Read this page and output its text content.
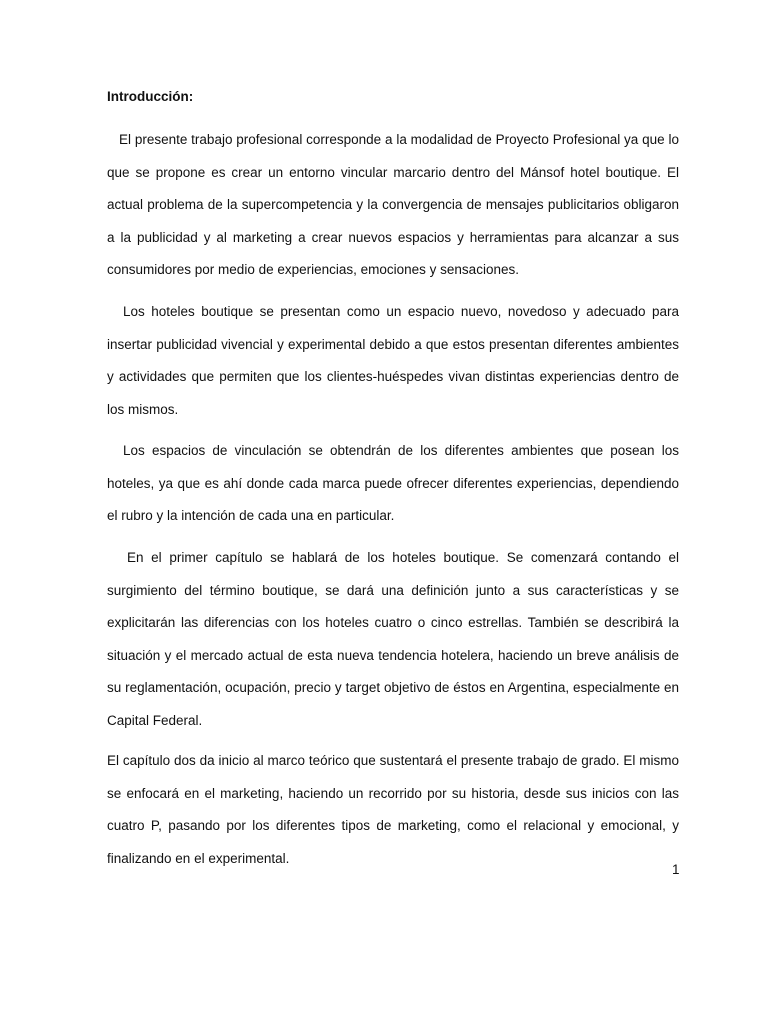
Introducción:

El presente trabajo profesional corresponde a la modalidad de Proyecto Profesional ya que lo que se propone es crear un entorno vincular marcario dentro del Mánsof hotel boutique. El actual problema de la supercompetencia y la convergencia de mensajes publicitarios obligaron a la publicidad y al marketing a crear nuevos espacios y herramientas para alcanzar a sus consumidores por medio de experiencias, emociones y sensaciones.

Los hoteles boutique se presentan como un espacio nuevo, novedoso y adecuado para insertar publicidad vivencial y experimental debido a que estos presentan diferentes ambientes y actividades que permiten que los clientes-huéspedes vivan distintas experiencias dentro de los mismos.

Los espacios de vinculación se obtendrán de los diferentes ambientes que posean los hoteles, ya que es ahí donde cada marca puede ofrecer diferentes experiencias, dependiendo el rubro y la intención de cada una en particular.

En el primer capítulo se hablará de los hoteles boutique. Se comenzará contando el surgimiento del término boutique, se dará una definición junto a sus características y se explicitarán las diferencias con los hoteles cuatro o cinco estrellas. También se describirá la situación y el mercado actual de esta nueva tendencia hotelera, haciendo un breve análisis de su reglamentación, ocupación, precio y target objetivo de éstos en Argentina, especialmente en Capital Federal.

El capítulo dos da inicio al marco teórico que sustentará el presente trabajo de grado. El mismo se enfocará en el marketing, haciendo un recorrido por su historia, desde sus inicios con las cuatro P, pasando por los diferentes tipos de marketing, como el relacional y emocional, y finalizando en el experimental.

1
